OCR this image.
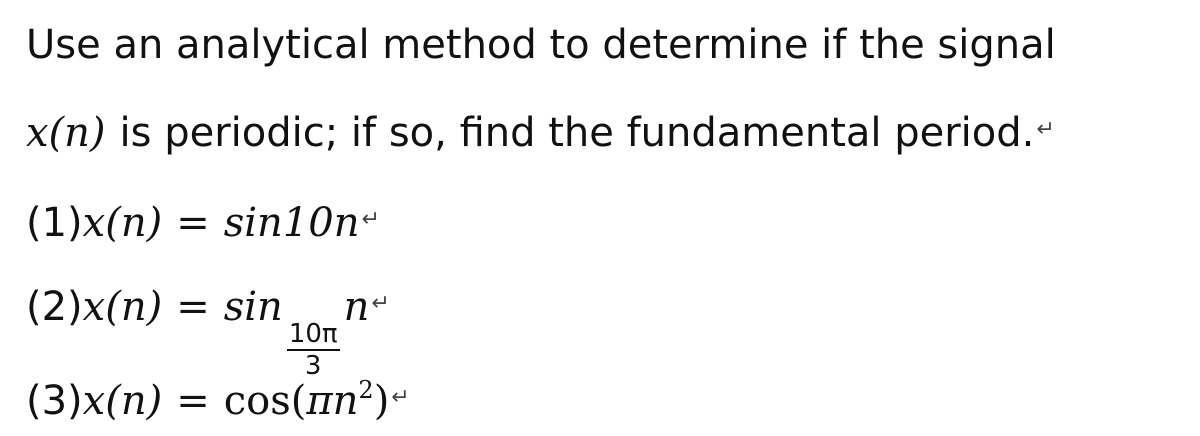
Use an analytical method to determine if the signal
x(n) is periodic; if so, find the fundamental period. ↵
(1) x(n) = sin 10n ↵
(2) x(n) = sin
$\frac{10\pi}{3}$
n ↵
(3) x(n) = cos ( πn 2 ) ↵
